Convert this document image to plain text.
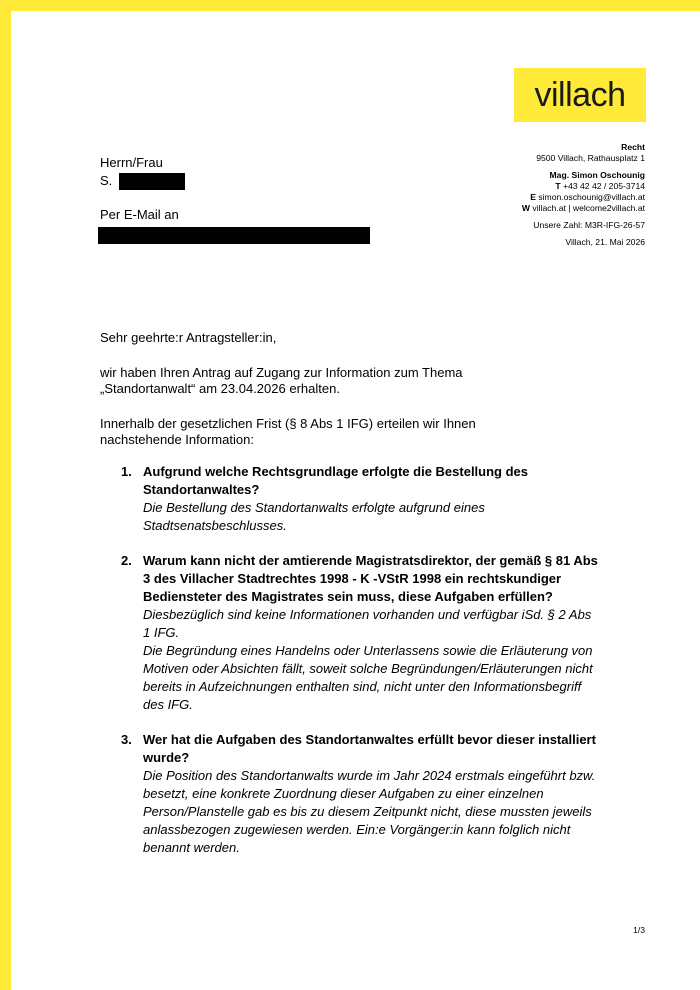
villach
Recht
9500 Villach, Rathausplatz 1
Mag. Simon Oschounig
T +43 42 42 / 205-3714
E simon.oschounig@villach.at
W villach.at | welcome2villach.at
Unsere Zahl: M3R-IFG-26-57
Villach, 21. Mai 2026
Herrn/Frau
S.
Per E-Mail an

Sehr geehrte:r Antragsteller:in,

wir haben Ihren Antrag auf Zugang zur Information zum Thema
„Standortanwalt“ am 23.04.2026 erhalten.

Innerhalb der gesetzlichen Frist (§ 8 Abs 1 IFG) erteilen wir Ihnen
nachstehende Information:

1. Aufgrund welche Rechtsgrundlage erfolgte die Bestellung des Standortanwaltes?
Die Bestellung des Standortanwalts erfolgte aufgrund eines Stadtsenatsbeschlusses.
2. Warum kann nicht der amtierende Magistratsdirektor, der gemäß § 81 Abs 3 des Villacher Stadtrechtes 1998 - K -VStR 1998 ein rechtskundiger Bediensteter des Magistrates sein muss, diese Aufgaben erfüllen?
Diesbezüglich sind keine Informationen vorhanden und verfügbar iSd. § 2 Abs 1 IFG.
Die Begründung eines Handelns oder Unterlassens sowie die Erläuterung von Motiven oder Absichten fällt, soweit solche Begründungen/Erläuterungen nicht bereits in Aufzeichnungen enthalten sind, nicht unter den Informationsbegriff des IFG.
3. Wer hat die Aufgaben des Standortanwaltes erfüllt bevor dieser installiert wurde?
Die Position des Standortanwalts wurde im Jahr 2024 erstmals eingeführt bzw. besetzt, eine konkrete Zuordnung dieser Aufgaben zu einer einzelnen Person/Planstelle gab es bis zu diesem Zeitpunkt nicht, diese mussten jeweils anlassbezogen zugewiesen werden. Ein:e Vorgänger:in kann folglich nicht benannt werden.
1/3
